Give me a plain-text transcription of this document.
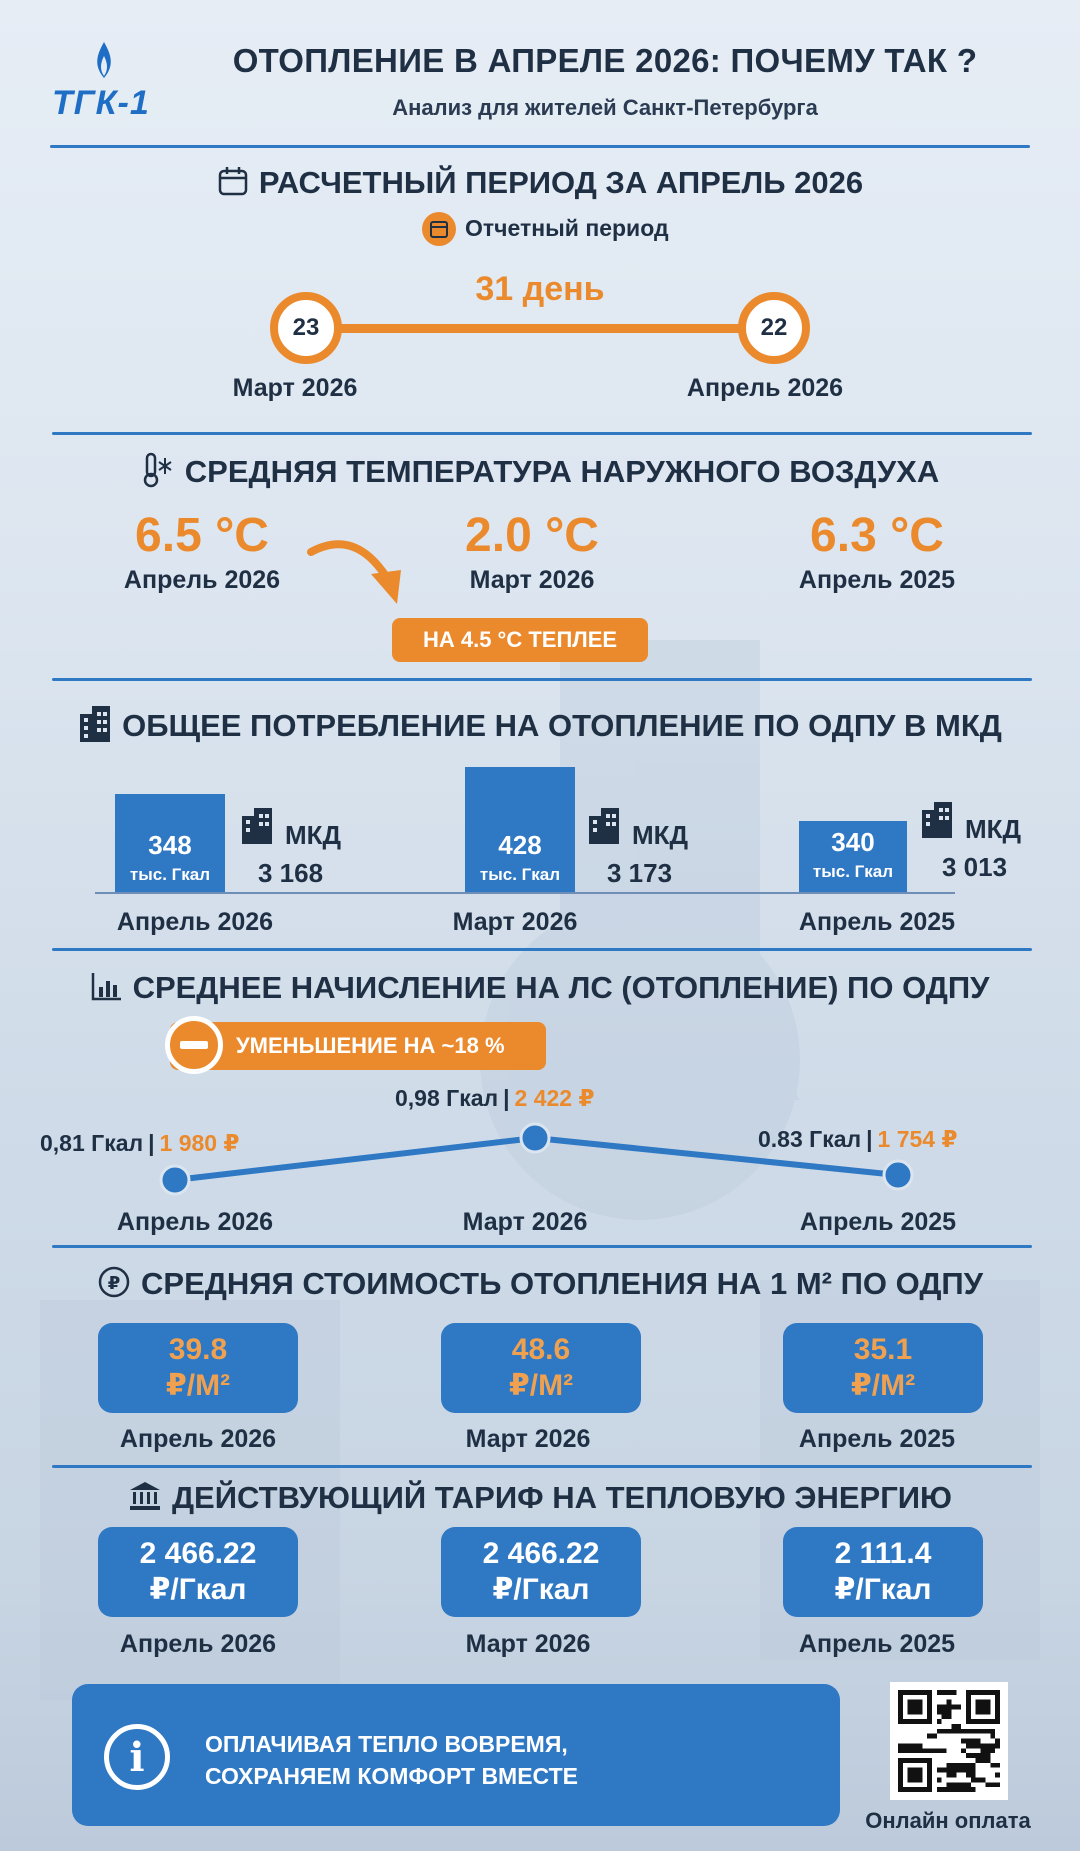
ТГК-1
ОТОПЛЕНИЕ В АПРЕЛЕ 2026: ПОЧЕМУ ТАК ?
Анализ для жителей Санкт-Петербурга
РАСЧЕТНЫЙ ПЕРИОД ЗА АПРЕЛЬ 2026
Отчетный период
31 день
23	22
Март 2026	Апрель 2026
СРЕДНЯЯ ТЕМПЕРАТУРА НАРУЖНОГО ВОЗДУХА
6.5 °C	2.0 °C	6.3 °C
Апрель 2026	Март 2026	Апрель 2025
НА 4.5 °C ТЕПЛЕЕ
ОБЩЕЕ ПОТРЕБЛЕНИЕ НА ОТОПЛЕНИЕ ПО ОДПУ В МКД
348
тыс. Гкал
428
тыс. Гкал
340
тыс. Гкал
МКД
3 168
МКД
3 173
МКД
3 013
Апрель 2026	Март 2026	Апрель 2025
СРЕДНЕЕ НАЧИСЛЕНИЕ НА ЛС (ОТОПЛЕНИЕ) ПО ОДПУ
УМЕНЬШЕНИЕ НА ~18 %
0,81 Гкал | 1 980 ₽
0,98 Гкал | 2 422 ₽
0.83 Гкал | 1 754 ₽
Апрель 2026	Март 2026	Апрель 2025
₽ СРЕДНЯЯ СТОИМОСТЬ ОТОПЛЕНИЯ НА 1 М² ПО ОДПУ
39.8
₽/М²
48.6
₽/М²
35.1
₽/М²
Апрель 2026	Март 2026	Апрель 2025
ДЕЙСТВУЮЩИЙ ТАРИФ НА ТЕПЛОВУЮ ЭНЕРГИЮ
2 466.22
₽/Гкал
2 466.22
₽/Гкал
2 111.4
₽/Гкал
Апрель 2026	Март 2026	Апрель 2025
i	ОПЛАЧИВАЯ ТЕПЛО ВОВРЕМЯ,
СОХРАНЯЕМ КОМФОРТ ВМЕСТЕ
Онлайн оплата
